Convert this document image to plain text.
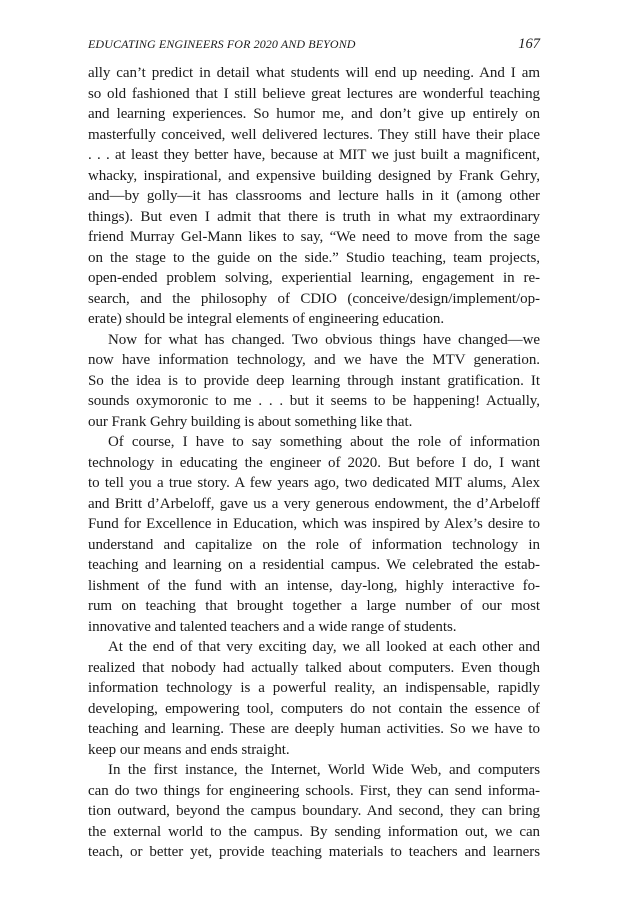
EDUCATING ENGINEERS FOR 2020 AND BEYOND	167
ally can’t predict in detail what students will end up needing. And I am
so old fashioned that I still believe great lectures are wonderful teaching
and learning experiences. So humor me, and don’t give up entirely on
masterfully conceived, well delivered lectures. They still have their place
. . . at least they better have, because at MIT we just built a magnificent,
whacky, inspirational, and expensive building designed by Frank Gehry,
and—by golly—it has classrooms and lecture halls in it (among other
things). But even I admit that there is truth in what my extraordinary
friend Murray Gel-Mann likes to say, “We need to move from the sage
on the stage to the guide on the side.” Studio teaching, team projects,
open-ended problem solving, experiential learning, engagement in re-
search, and the philosophy of CDIO (conceive/design/implement/op-
erate) should be integral elements of engineering education.
Now for what has changed. Two obvious things have changed—we
now have information technology, and we have the MTV generation.
So the idea is to provide deep learning through instant gratification. It
sounds oxymoronic to me . . . but it seems to be happening! Actually,
our Frank Gehry building is about something like that.
Of course, I have to say something about the role of information
technology in educating the engineer of 2020. But before I do, I want
to tell you a true story. A few years ago, two dedicated MIT alums, Alex
and Britt d’Arbeloff, gave us a very generous endowment, the d’Arbeloff
Fund for Excellence in Education, which was inspired by Alex’s desire to
understand and capitalize on the role of information technology in
teaching and learning on a residential campus. We celebrated the estab-
lishment of the fund with an intense, day-long, highly interactive fo-
rum on teaching that brought together a large number of our most
innovative and talented teachers and a wide range of students.
At the end of that very exciting day, we all looked at each other and
realized that nobody had actually talked about computers. Even though
information technology is a powerful reality, an indispensable, rapidly
developing, empowering tool, computers do not contain the essence of
teaching and learning. These are deeply human activities. So we have to
keep our means and ends straight.
In the first instance, the Internet, World Wide Web, and computers
can do two things for engineering schools. First, they can send informa-
tion outward, beyond the campus boundary. And second, they can bring
the external world to the campus. By sending information out, we can
teach, or better yet, provide teaching materials to teachers and learners
